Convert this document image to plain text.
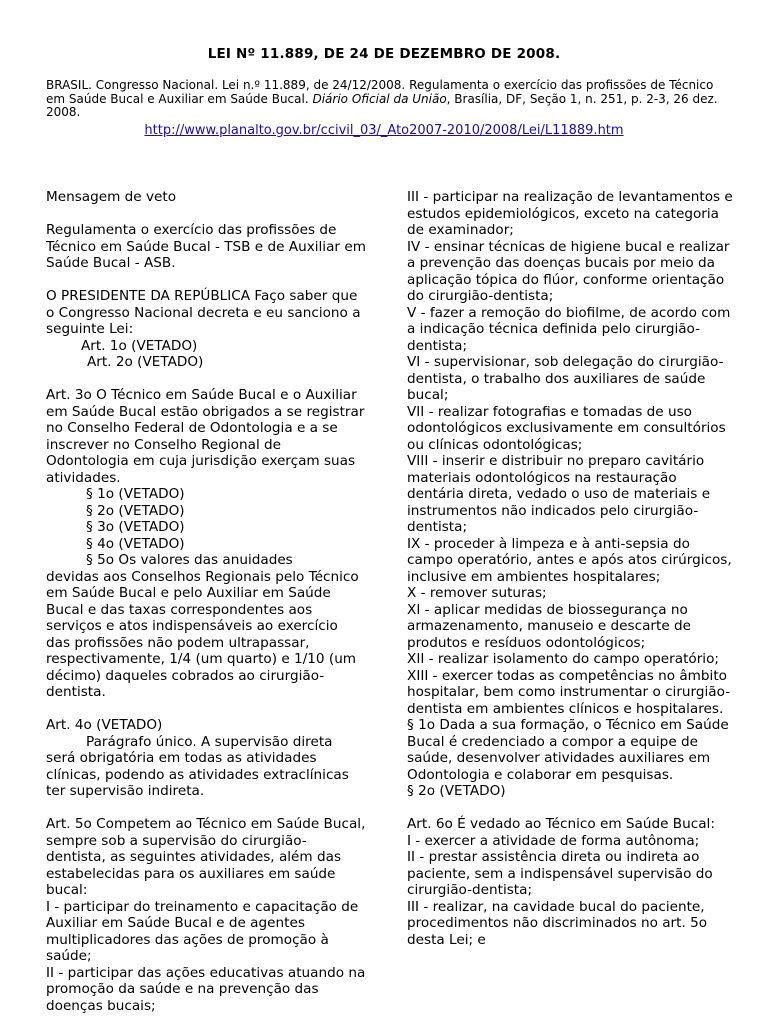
LEI Nº 11.889, DE 24 DE DEZEMBRO DE 2008.
BRASIL. Congresso Nacional. Lei n.º 11.889, de 24/12/2008. Regulamenta o exercício das profissões de Técnico em Saúde Bucal e Auxiliar em Saúde Bucal. Diário Oficial da União, Brasília, DF, Seção 1, n. 251, p. 2-3, 26 dez. 2008.
http://www.planalto.gov.br/ccivil_03/_Ato2007-2010/2008/Lei/L11889.htm

Mensagem de veto

Regulamenta o exercício das profissões de Técnico em Saúde Bucal - TSB e de Auxiliar em Saúde Bucal - ASB.

O PRESIDENTE DA REPÚBLICA Faço saber que o Congresso Nacional decreta e eu sanciono a seguinte Lei:

Art. 1o (VETADO)

Art. 2o (VETADO)

Art. 3o O Técnico em Saúde Bucal e o Auxiliar em Saúde Bucal estão obrigados a se registrar no Conselho Federal de Odontologia e a se inscrever no Conselho Regional de Odontologia em cuja jurisdição exerçam suas atividades.

§ 1o (VETADO)

§ 2o (VETADO)

§ 3o (VETADO)

§ 4o (VETADO)

§ 5o Os valores das anuidades

devidas aos Conselhos Regionais pelo Técnico em Saúde Bucal e pelo Auxiliar em Saúde Bucal e das taxas correspondentes aos serviços e atos indispensáveis ao exercício das profissões não podem ultrapassar, respectivamente, 1/4 (um quarto) e 1/10 (um décimo) daqueles cobrados ao cirurgião-dentista.

Art. 4o (VETADO)

Parágrafo único. A supervisão direta

será obrigatória em todas as atividades clínicas, podendo as atividades extraclínicas ter supervisão indireta.

Art. 5o Competem ao Técnico em Saúde Bucal, sempre sob a supervisão do cirurgião-dentista, as seguintes atividades, além das estabelecidas para os auxiliares em saúde bucal:

I - participar do treinamento e capacitação de Auxiliar em Saúde Bucal e de agentes multiplicadores das ações de promoção à saúde;

II - participar das ações educativas atuando na promoção da saúde e na prevenção das doenças bucais;

III - participar na realização de levantamentos e estudos epidemiológicos, exceto na categoria de examinador;

IV - ensinar técnicas de higiene bucal e realizar a prevenção das doenças bucais por meio da aplicação tópica do flúor, conforme orientação do cirurgião-dentista;

V - fazer a remoção do biofilme, de acordo com a indicação técnica definida pelo cirurgião-dentista;

VI - supervisionar, sob delegação do cirurgião-dentista, o trabalho dos auxiliares de saúde bucal;

VII - realizar fotografias e tomadas de uso odontológicos exclusivamente em consultórios ou clínicas odontológicas;

VIII - inserir e distribuir no preparo cavitário materiais odontológicos na restauração dentária direta, vedado o uso de materiais e instrumentos não indicados pelo cirurgião-dentista;

IX - proceder à limpeza e à anti-sepsia do campo operatório, antes e após atos cirúrgicos, inclusive em ambientes hospitalares;

X - remover suturas;

XI - aplicar medidas de biossegurança no armazenamento, manuseio e descarte de produtos e resíduos odontológicos;

XII - realizar isolamento do campo operatório;

XIII - exercer todas as competências no âmbito hospitalar, bem como instrumentar o cirurgião-dentista em ambientes clínicos e hospitalares.

§ 1o Dada a sua formação, o Técnico em Saúde Bucal é credenciado a compor a equipe de saúde, desenvolver atividades auxiliares em Odontologia e colaborar em pesquisas.

§ 2o (VETADO)

Art. 6o É vedado ao Técnico em Saúde Bucal:

I - exercer a atividade de forma autônoma;

II - prestar assistência direta ou indireta ao paciente, sem a indispensável supervisão do cirurgião-dentista;

III - realizar, na cavidade bucal do paciente, procedimentos não discriminados no art. 5o desta Lei; e
